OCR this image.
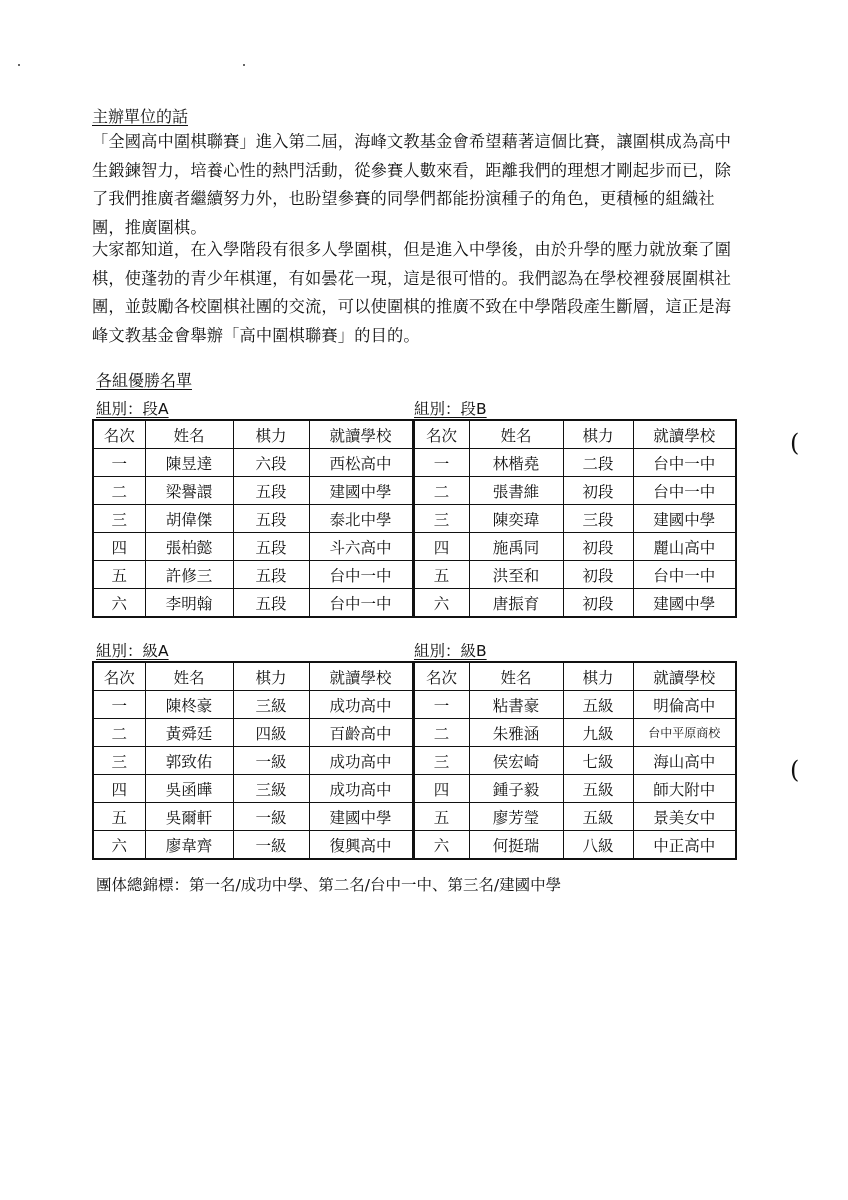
主辦單位的話

「全國高中圍棋聯賽」進入第二屆，海峰文教基金會希望藉著這個比賽，讓圍棋成為高中生鍛鍊智力，培養心性的熱門活動，從參賽人數來看，距離我們的理想才剛起步而已，除了我們推廣者繼續努力外，也盼望參賽的同學們都能扮演種子的角色，更積極的組織社團，推廣圍棋。

大家都知道，在入學階段有很多人學圍棋，但是進入中學後，由於升學的壓力就放棄了圍棋，使蓬勃的青少年棋運，有如曇花一現，這是很可惜的。我們認為在學校裡發展圍棋社團，並鼓勵各校圍棋社團的交流，可以使圍棋的推廣不致在中學階段產生斷層，這正是海峰文教基金會舉辦「高中圍棋聯賽」的目的。

各組優勝名單
組別：段A	組別：段B
名次	姓名	棋力	就讀學校	名次	姓名	棋力	就讀學校
一	陳昱達	六段	西松高中	一	林楷堯	二段	台中一中
二	梁譽譞	五段	建國中學	二	張書維	初段	台中一中
三	胡偉傑	五段	泰北中學	三	陳奕瑋	三段	建國中學
四	張柏懿	五段	斗六高中	四	施禹同	初段	麗山高中
五	許修三	五段	台中一中	五	洪至和	初段	台中一中
六	李明翰	五段	台中一中	六	唐振育	初段	建國中學
組別：級A	組別：級B
名次	姓名	棋力	就讀學校	名次	姓名	棋力	就讀學校
一	陳柊豪	三級	成功高中	一	粘書豪	五級	明倫高中
二	黃舜廷	四級	百齡高中	二	朱雅涵	九級	台中平原商校
三	郭致佑	一級	成功高中	三	侯宏崎	七級	海山高中
四	吳函曄	三級	成功高中	四	鍾子毅	五級	師大附中
五	吳爾軒	一級	建國中學	五	廖芳瑩	五級	景美女中
六	廖韋齊	一級	復興高中	六	何挺瑞	八級	中正高中
團体總錦標：第一名/成功中學、第二名/台中一中、第三名/建國中學
(
(
